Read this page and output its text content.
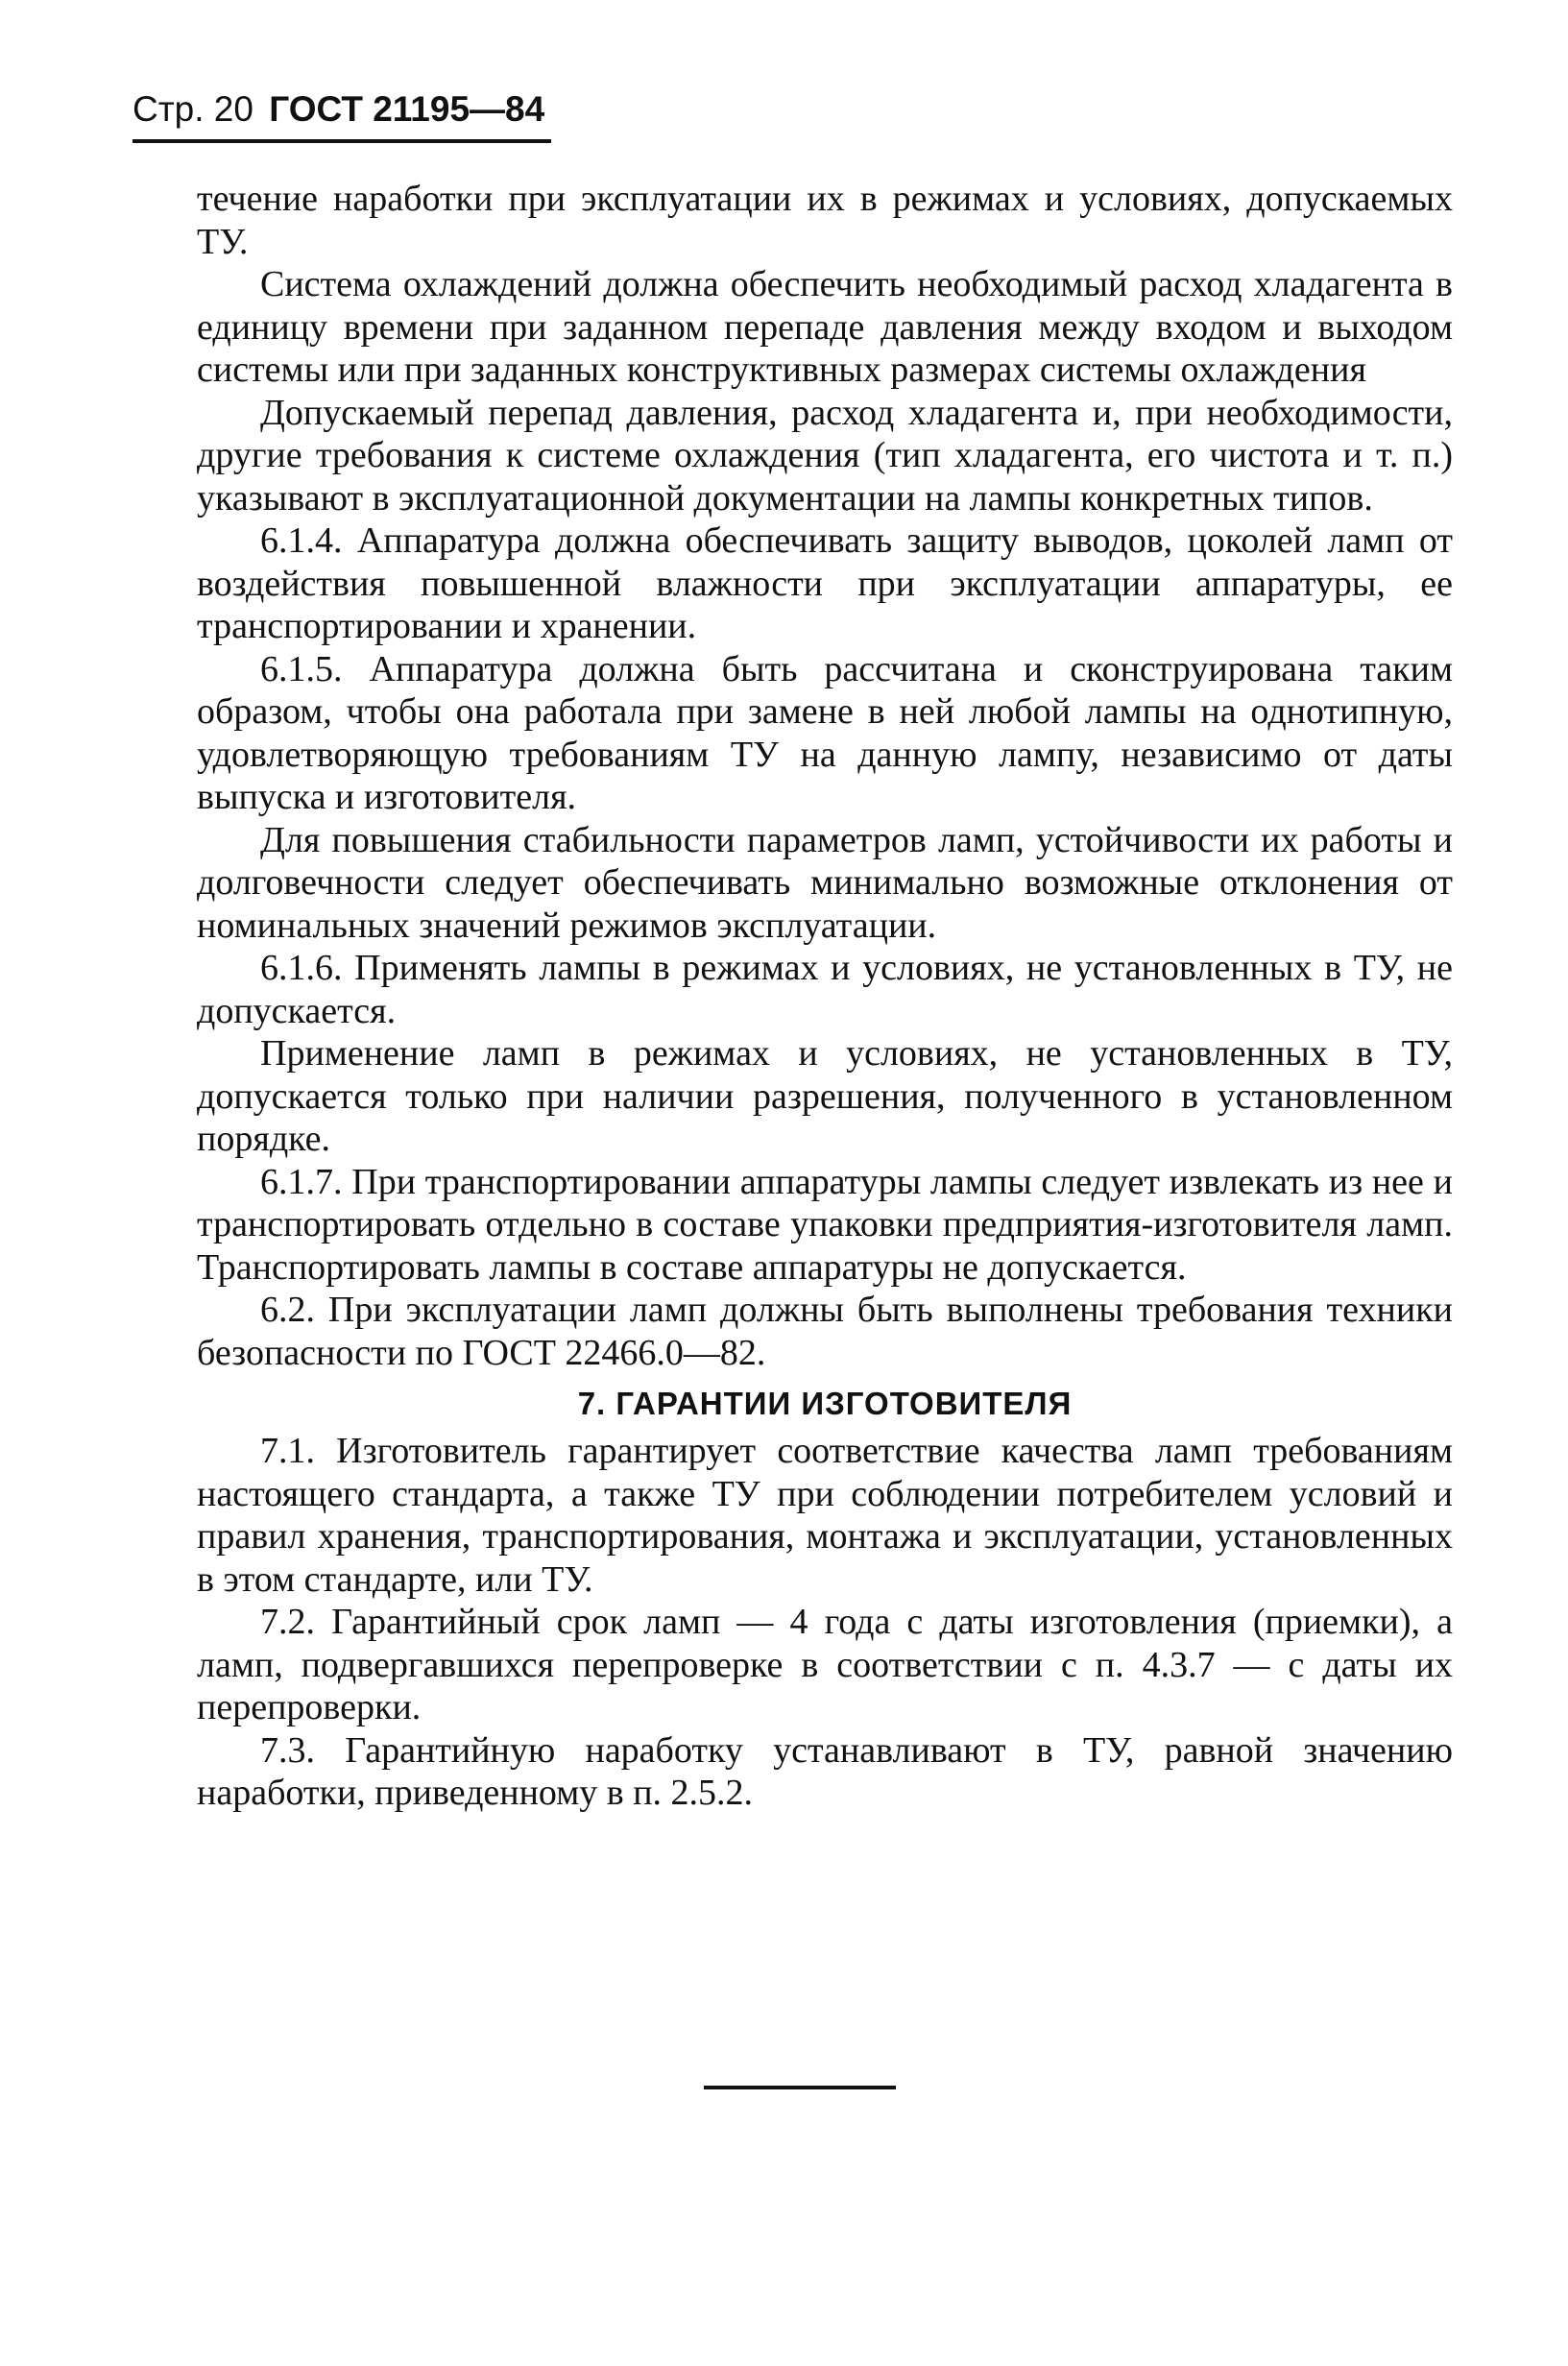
Стр. 20 ГОСТ 21195—84

течение наработки при эксплуатации их в режимах и условиях, допускаемых ТУ.

Система охлаждений должна обеспечить необходимый расход хладагента в единицу времени при заданном перепаде давления между входом и выходом системы или при заданных конструктивных размерах системы охлаждения

Допускаемый перепад давления, расход хладагента и, при необходимости, другие требования к системе охлаждения (тип хладагента, его чистота и т. п.) указывают в эксплуатационной документации на лампы конкретных типов.

6.1.4. Аппаратура должна обеспечивать защиту выводов, цоколей ламп от воздействия повышенной влажности при эксплуатации аппаратуры, ее транспортировании и хранении.

6.1.5. Аппаратура должна быть рассчитана и сконструирована таким образом, чтобы она работала при замене в ней любой лампы на однотипную, удовлетворяющую требованиям ТУ на данную лампу, независимо от даты выпуска и изготовителя.

Для повышения стабильности параметров ламп, устойчивости их работы и долговечности следует обеспечивать минимально возможные отклонения от номинальных значений режимов эксплуатации.

6.1.6. Применять лампы в режимах и условиях, не установленных в ТУ, не допускается.

Применение ламп в режимах и условиях, не установленных в ТУ, допускается только при наличии разрешения, полученного в установленном порядке.

6.1.7. При транспортировании аппаратуры лампы следует извлекать из нее и транспортировать отдельно в составе упаковки предприятия-изготовителя ламп. Транспортировать лампы в составе аппаратуры не допускается.

6.2. При эксплуатации ламп должны быть выполнены требования техники безопасности по ГОСТ 22466.0—82.

7. ГАРАНТИИ ИЗГОТОВИТЕЛЯ

7.1. Изготовитель гарантирует соответствие качества ламп требованиям настоящего стандарта, а также ТУ при соблюдении потребителем условий и правил хранения, транспортирования, монтажа и эксплуатации, установленных в этом стандарте, или ТУ.

7.2. Гарантийный срок ламп — 4 года с даты изготовления (приемки), а ламп, подвергавшихся перепроверке в соответствии с п. 4.3.7 — с даты их перепроверки.

7.3. Гарантийную наработку устанавливают в ТУ, равной значению наработки, приведенному в п. 2.5.2.
